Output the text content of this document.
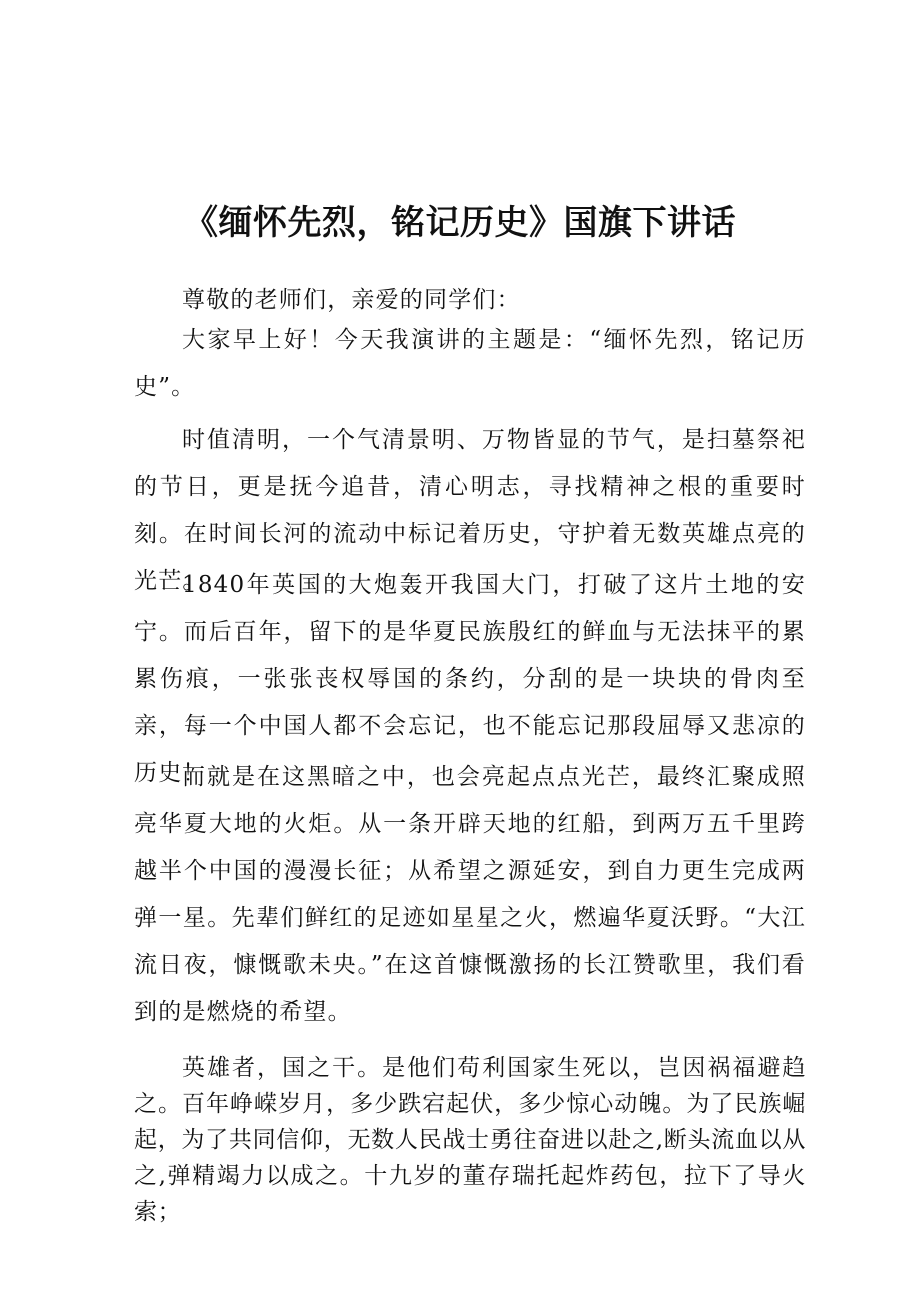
《缅怀先烈，铭记历史》国旗下讲话

尊敬的老师们，亲爱的同学们：

大家早上好！今天我演讲的主题是：“缅怀先烈，铭记历史”。

时值清明，一个气清景明、万物皆显的节气，是扫墓祭祀的节日，更是抚今追昔，清心明志，寻找精神之根的重要时刻。在时间长河的流动中标记着历史，守护着无数英雄点亮的光芒。

1840年英国的大炮轰开我国大门，打破了这片土地的安宁。而后百年，留下的是华夏民族殷红的鲜血与无法抹平的累累伤痕，一张张丧权辱国的条约，分刮的是一块块的骨肉至亲，每一个中国人都不会忘记，也不能忘记那段屈辱又悲凉的历史！

而就是在这黑暗之中，也会亮起点点光芒，最终汇聚成照亮华夏大地的火炬。从一条开辟天地的红船，到两万五千里跨越半个中国的漫漫长征；从希望之源延安，到自力更生完成两弹一星。先辈们鲜红的足迹如星星之火，燃遍华夏沃野。“大江流日夜，慷慨歌未央。”在这首慷慨激扬的长江赞歌里，我们看到的是燃烧的希望。

英雄者，国之干。是他们苟利国家生死以，岂因祸福避趋之。百年峥嵘岁月，多少跌宕起伏，多少惊心动魄。为了民族崛起，为了共同信仰，无数人民战士勇往奋进以赴之,断头流血以从之,弹精竭力以成之。十九岁的董存瑞托起炸药包，拉下了导火索；
